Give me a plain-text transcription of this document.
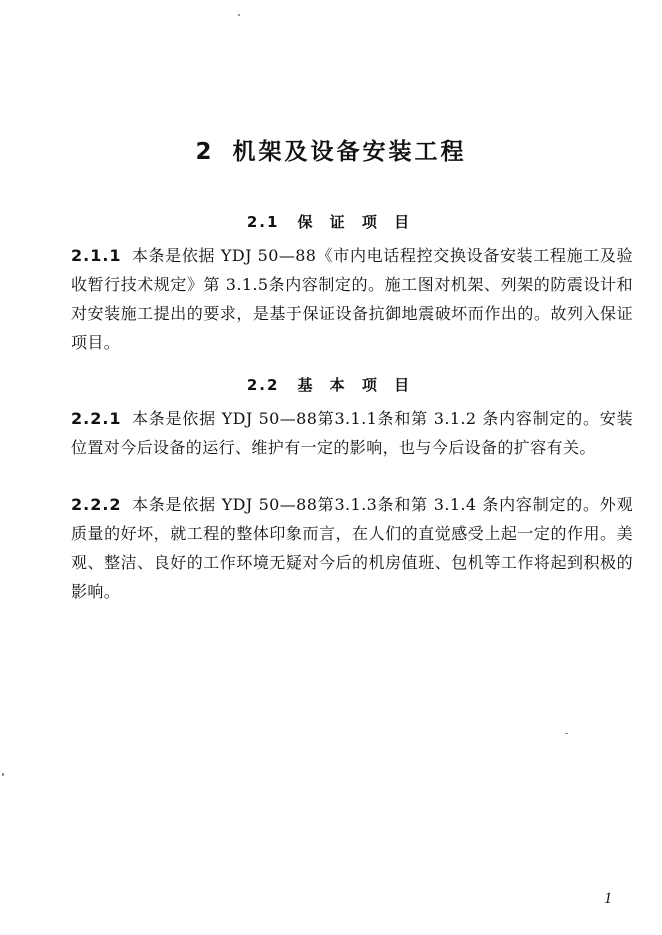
2 机架及设备安装工程
2.1 保 证 项 目

2.1.1 本条是依据 YDJ 50—88《市内电话程控交换设备安装工程施工及验收暂行技术规定》第 3.1.5条内容制定的。施工图对机架、列架的防震设计和对安装施工提出的要求，是基于保证设备抗御地震破坏而作出的。故列入保证项目。

2.2 基 本 项 目

2.2.1 本条是依据 YDJ 50—88第3.1.1条和第 3.1.2 条内容制定的。安装位置对今后设备的运行、维护有一定的影响，也与今后设备的扩容有关。

2.2.2 本条是依据 YDJ 50—88第3.1.3条和第 3.1.4 条内容制定的。外观质量的好坏，就工程的整体印象而言，在人们的直觉感受上起一定的作用。美观、整洁、良好的工作环境无疑对今后的机房值班、包机等工作将起到积极的影响。

1
